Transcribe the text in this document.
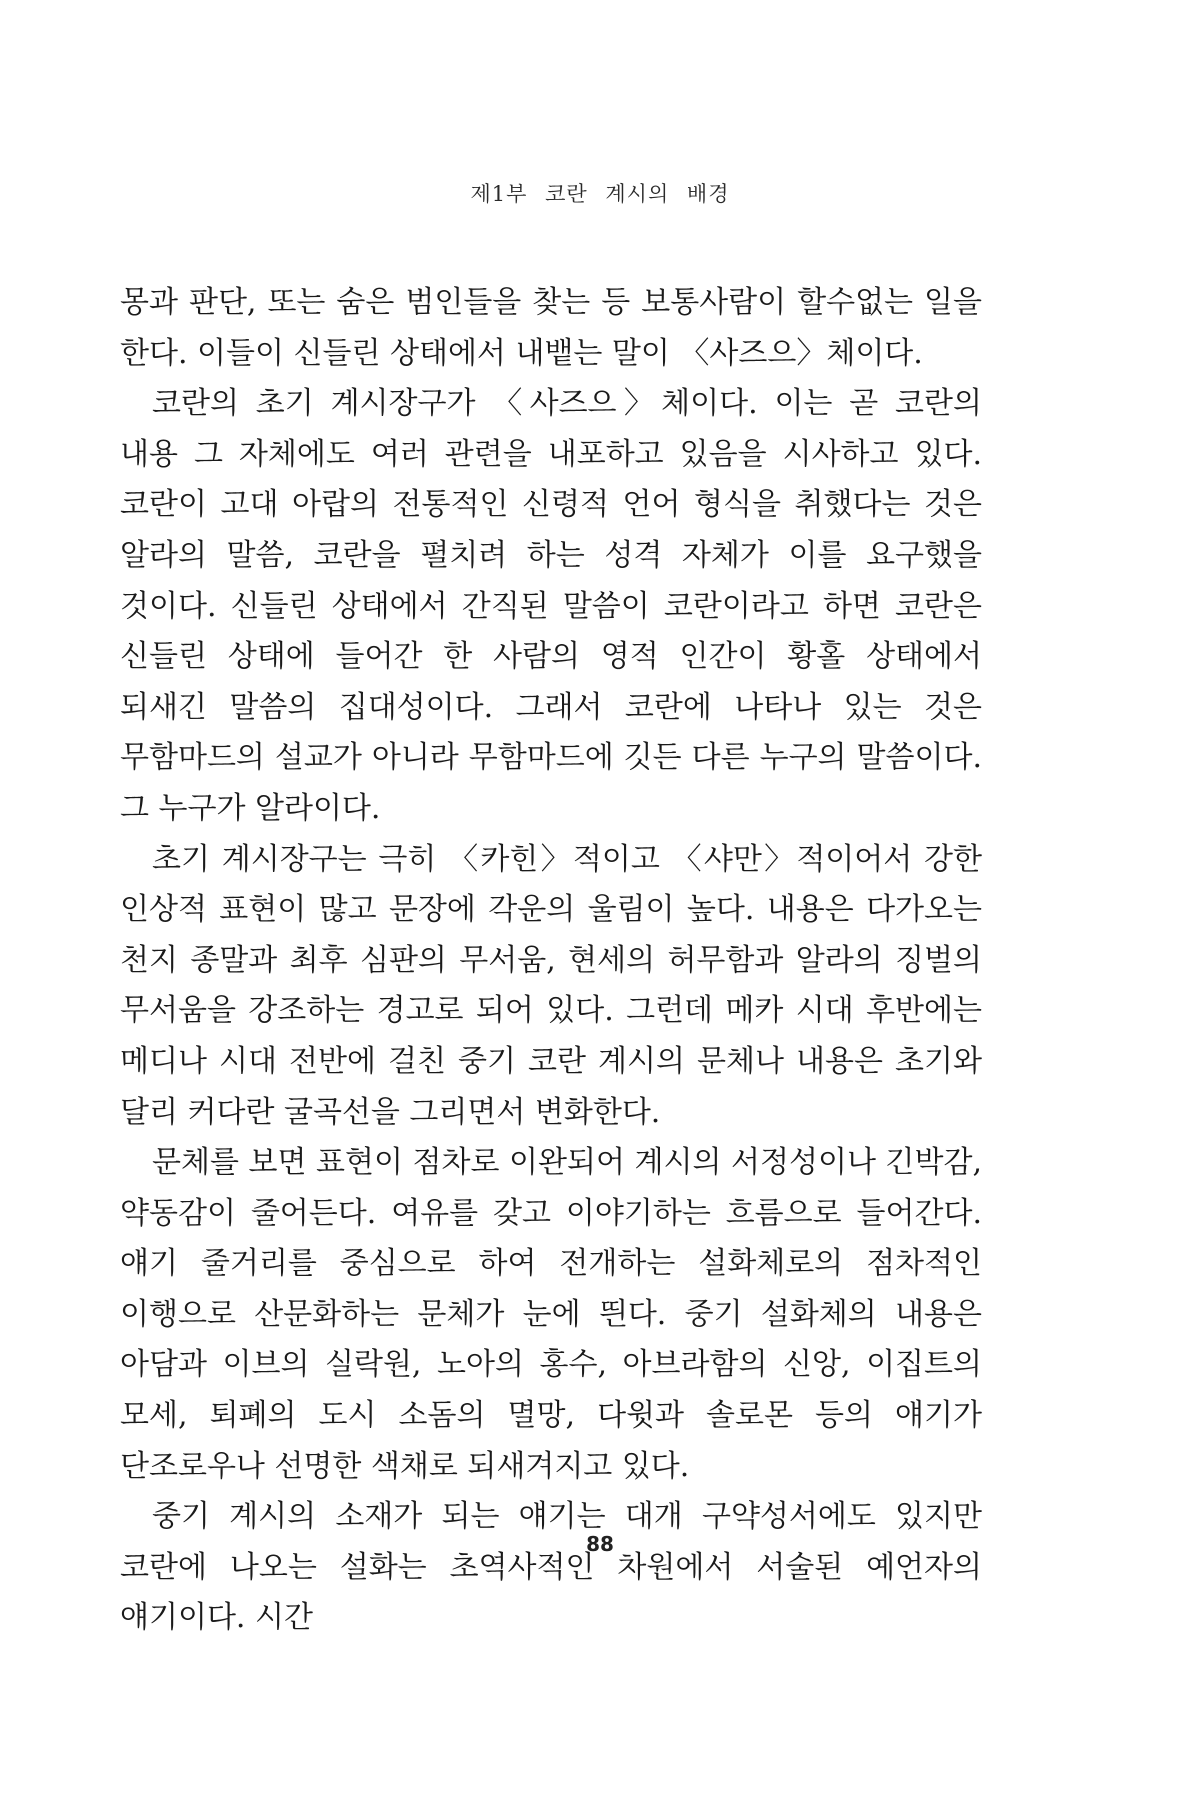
제1부 코란 계시의 배경

몽과 판단, 또는 숨은 범인들을 찾는 등 보통사람이 할수없는 일을 한다. 이들이 신들린 상태에서 내뱉는 말이 〈사즈으〉체이다.

코란의 초기 계시장구가 〈사즈으〉체이다. 이는 곧 코란의 내용 그 자체에도 여러 관련을 내포하고 있음을 시사하고 있다. 코란이 고대 아랍의 전통적인 신령적 언어 형식을 취했다는 것은 알라의 말씀, 코란을 펼치려 하는 성격 자체가 이를 요구했을 것이다. 신들린 상태에서 간직된 말씀이 코란이라고 하면 코란은 신들린 상태에 들어간 한 사람의 영적 인간이 황홀 상태에서 되새긴 말씀의 집대성이다. 그래서 코란에 나타나 있는 것은 무함마드의 설교가 아니라 무함마드에 깃든 다른 누구의 말씀이다. 그 누구가 알라이다.

초기 계시장구는 극히 〈카힌〉적이고 〈샤만〉적이어서 강한 인상적 표현이 많고 문장에 각운의 울림이 높다. 내용은 다가오는 천지 종말과 최후 심판의 무서움, 현세의 허무함과 알라의 징벌의 무서움을 강조하는 경고로 되어 있다. 그런데 메카 시대 후반에는 메디나 시대 전반에 걸친 중기 코란 계시의 문체나 내용은 초기와 달리 커다란 굴곡선을 그리면서 변화한다.

문체를 보면 표현이 점차로 이완되어 계시의 서정성이나 긴박감, 약동감이 줄어든다. 여유를 갖고 이야기하는 흐름으로 들어간다. 얘기 줄거리를 중심으로 하여 전개하는 설화체로의 점차적인 이행으로 산문화하는 문체가 눈에 띈다. 중기 설화체의 내용은 아담과 이브의 실락원, 노아의 홍수, 아브라함의 신앙, 이집트의 모세, 퇴폐의 도시 소돔의 멸망, 다윗과 솔로몬 등의 얘기가 단조로우나 선명한 색채로 되새겨지고 있다.

중기 계시의 소재가 되는 얘기는 대개 구약성서에도 있지만 코란에 나오는 설화는 초역사적인 차원에서 서술된 예언자의 얘기이다. 시간

88
